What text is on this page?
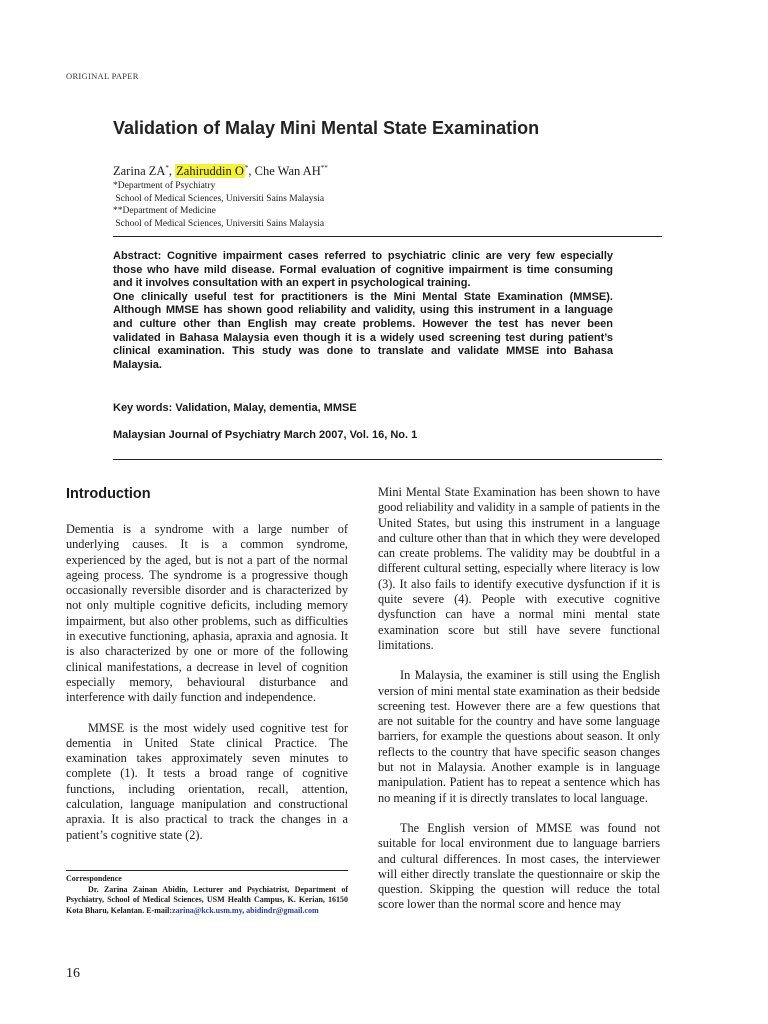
ORIGINAL PAPER
Validation of Malay Mini Mental State Examination
Zarina ZA*, Zahiruddin O*, Che Wan AH**
*Department of Psychiatry
School of Medical Sciences, Universiti Sains Malaysia
**Department of Medicine
School of Medical Sciences, Universiti Sains Malaysia

Abstract: Cognitive impairment cases referred to psychiatric clinic are very few especially those who have mild disease. Formal evaluation of cognitive impairment is time consuming and it involves consultation with an expert in psychological training.

One clinically useful test for practitioners is the Mini Mental State Examination (MMSE). Although MMSE has shown good reliability and validity, using this instrument in a language and culture other than English may create problems. However the test has never been validated in Bahasa Malaysia even though it is a widely used screening test during patient’s clinical examination. This study was done to translate and validate MMSE into Bahasa Malaysia.

Key words: Validation, Malay, dementia, MMSE
Malaysian Journal of Psychiatry March 2007, Vol. 16, No. 1
Introduction

Dementia is a syndrome with a large number of underlying causes. It is a common syndrome, experienced by the aged, but is not a part of the normal ageing process. The syndrome is a progressive though occasionally reversible disorder and is characterized by not only multiple cognitive deficits, including memory impairment, but also other problems, such as difficulties in executive functioning, aphasia, apraxia and agnosia. It is also characterized by one or more of the following clinical manifestations, a decrease in level of cognition especially memory, behavioural disturbance and interference with daily function and independence.

MMSE is the most widely used cognitive test for dementia in United State clinical Practice. The examination takes approximately seven minutes to complete (1). It tests a broad range of cognitive functions, including orientation, recall, attention, calculation, language manipulation and constructional apraxia. It is also practical to track the changes in a patient’s cognitive state (2).

Mini Mental State Examination has been shown to have good reliability and validity in a sample of patients in the United States, but using this instrument in a language and culture other than that in which they were developed can create problems. The validity may be doubtful in a different cultural setting, especially where literacy is low (3). It also fails to identify executive dysfunction if it is quite severe (4). People with executive cognitive dysfunction can have a normal mini mental state examination score but still have severe functional limitations.

In Malaysia, the examiner is still using the English version of mini mental state examination as their bedside screening test. However there are a few questions that are not suitable for the country and have some language barriers, for example the questions about season. It only reflects to the country that have specific season changes but not in Malaysia. Another example is in language manipulation. Patient has to repeat a sentence which has no meaning if it is directly translates to local language.

The English version of MMSE was found not suitable for local environment due to language barriers and cultural differences. In most cases, the interviewer will either directly translate the questionnaire or skip the question. Skipping the question will reduce the total score lower than the normal score and hence may

Correspondence
Dr. Zarina Zainan Abidin, Lecturer and Psychiatrist, Department of Psychiatry, School of Medical Sciences, USM Health Campus, K. Kerian, 16150 Kota Bharu, Kelantan. E-mail:zarina@kck.usm.my, abidindr@gmail.com
16
